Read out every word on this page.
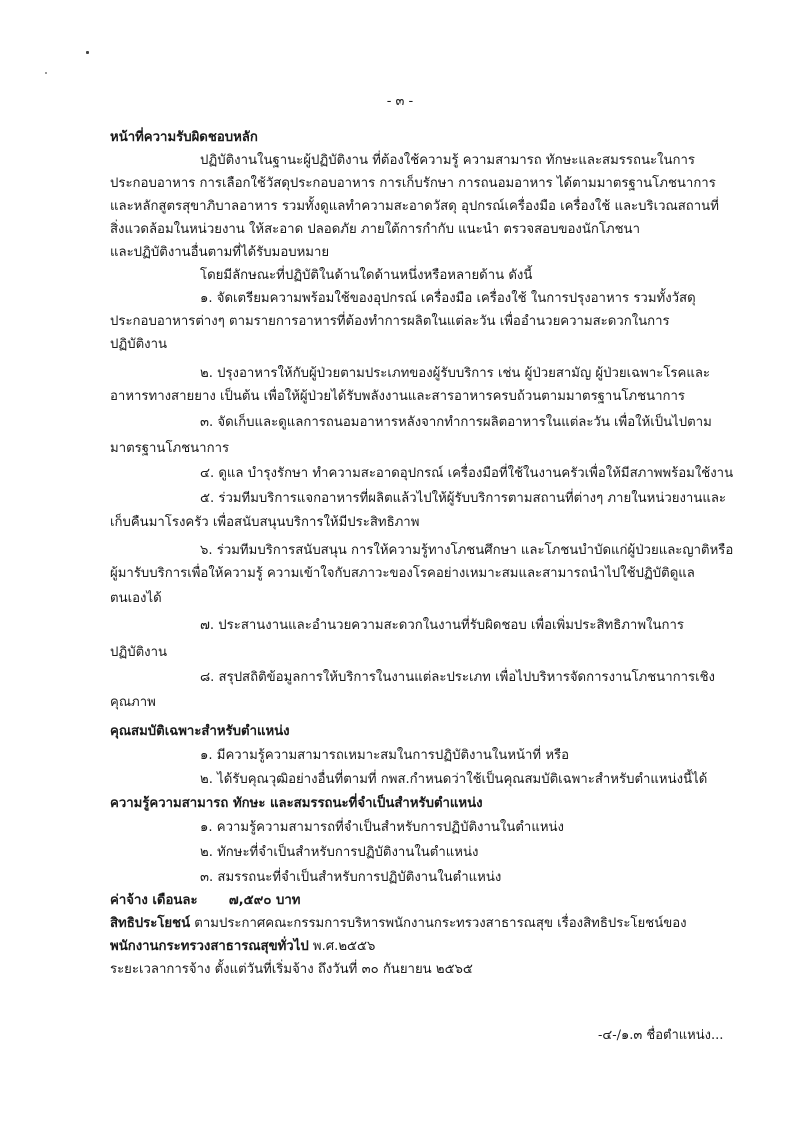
- ๓ -
หน้าที่ความรับผิดชอบหลัก
ปฏิบัติงานในฐานะผู้ปฏิบัติงาน ที่ต้องใช้ความรู้ ความสามารถ ทักษะและสมรรถนะในการ
ประกอบอาหาร การเลือกใช้วัสดุประกอบอาหาร การเก็บรักษา การถนอมอาหาร ได้ตามมาตรฐานโภชนาการ
และหลักสูตรสุขาภิบาลอาหาร รวมทั้งดูแลทำความสะอาดวัสดุ อุปกรณ์เครื่องมือ เครื่องใช้ และบริเวณสถานที่
สิ่งแวดล้อมในหน่วยงาน ให้สะอาด ปลอดภัย ภายใต้การกำกับ แนะนำ ตรวจสอบของนักโภชนา
และปฏิบัติงานอื่นตามที่ได้รับมอบหมาย
โดยมีลักษณะที่ปฏิบัติในด้านใดด้านหนึ่งหรือหลายด้าน ดังนี้
๑. จัดเตรียมความพร้อมใช้ของอุปกรณ์ เครื่องมือ เครื่องใช้ ในการปรุงอาหาร รวมทั้งวัสดุ
ประกอบอาหารต่างๆ ตามรายการอาหารที่ต้องทำการผลิตในแต่ละวัน เพื่ออำนวยความสะดวกในการ
ปฏิบัติงาน
๒. ปรุงอาหารให้กับผู้ป่วยตามประเภทของผู้รับบริการ เช่น ผู้ป่วยสามัญ ผู้ป่วยเฉพาะโรคและ
อาหารทางสายยาง เป็นต้น เพื่อให้ผู้ป่วยได้รับพลังงานและสารอาหารครบถ้วนตามมาตรฐานโภชนาการ
๓. จัดเก็บและดูแลการถนอมอาหารหลังจากทำการผลิตอาหารในแต่ละวัน เพื่อให้เป็นไปตาม
มาตรฐานโภชนาการ
๔. ดูแล บำรุงรักษา ทำความสะอาดอุปกรณ์ เครื่องมือที่ใช้ในงานครัวเพื่อให้มีสภาพพร้อมใช้งาน
๕. ร่วมทีมบริการแจกอาหารที่ผลิตแล้วไปให้ผู้รับบริการตามสถานที่ต่างๆ ภายในหน่วยงานและ
เก็บคืนมาโรงครัว เพื่อสนับสนุนบริการให้มีประสิทธิภาพ
๖. ร่วมทีมบริการสนับสนุน การให้ความรู้ทางโภชนศึกษา และโภชนบำบัดแก่ผู้ป่วยและญาติหรือ
ผู้มารับบริการเพื่อให้ความรู้ ความเข้าใจกับสภาวะของโรคอย่างเหมาะสมและสามารถนำไปใช้ปฏิบัติดูแล
ตนเองได้
๗. ประสานงานและอำนวยความสะดวกในงานที่รับผิดชอบ เพื่อเพิ่มประสิทธิภาพในการ
ปฏิบัติงาน
๘. สรุปสถิติข้อมูลการให้บริการในงานแต่ละประเภท เพื่อไปบริหารจัดการงานโภชนาการเชิง
คุณภาพ
คุณสมบัติเฉพาะสำหรับตำแหน่ง
๑. มีความรู้ความสามารถเหมาะสมในการปฏิบัติงานในหน้าที่ หรือ
๒. ได้รับคุณวุฒิอย่างอื่นที่ตามที่ กพส.กำหนดว่าใช้เป็นคุณสมบัติเฉพาะสำหรับตำแหน่งนี้ได้
ความรู้ความสามารถ ทักษะ และสมรรถนะที่จำเป็นสำหรับตำแหน่ง
๑. ความรู้ความสามารถที่จำเป็นสำหรับการปฏิบัติงานในตำแหน่ง
๒. ทักษะที่จำเป็นสำหรับการปฏิบัติงานในตำแหน่ง
๓. สมรรถนะที่จำเป็นสำหรับการปฏิบัติงานในตำแหน่ง
ค่าจ้าง เดือนละ ๗,๕๙๐ บาท
สิทธิประโยชน์ ตามประกาศคณะกรรมการบริหารพนักงานกระทรวงสาธารณสุข เรื่องสิทธิประโยชน์ของ
พนักงานกระทรวงสาธารณสุขทั่วไป พ.ศ.๒๕๕๖
ระยะเวลาการจ้าง ตั้งแต่วันที่เริ่มจ้าง ถึงวันที่ ๓๐ กันยายน ๒๕๖๕
-๔-/๑.๓ ชื่อตำแหน่ง...
